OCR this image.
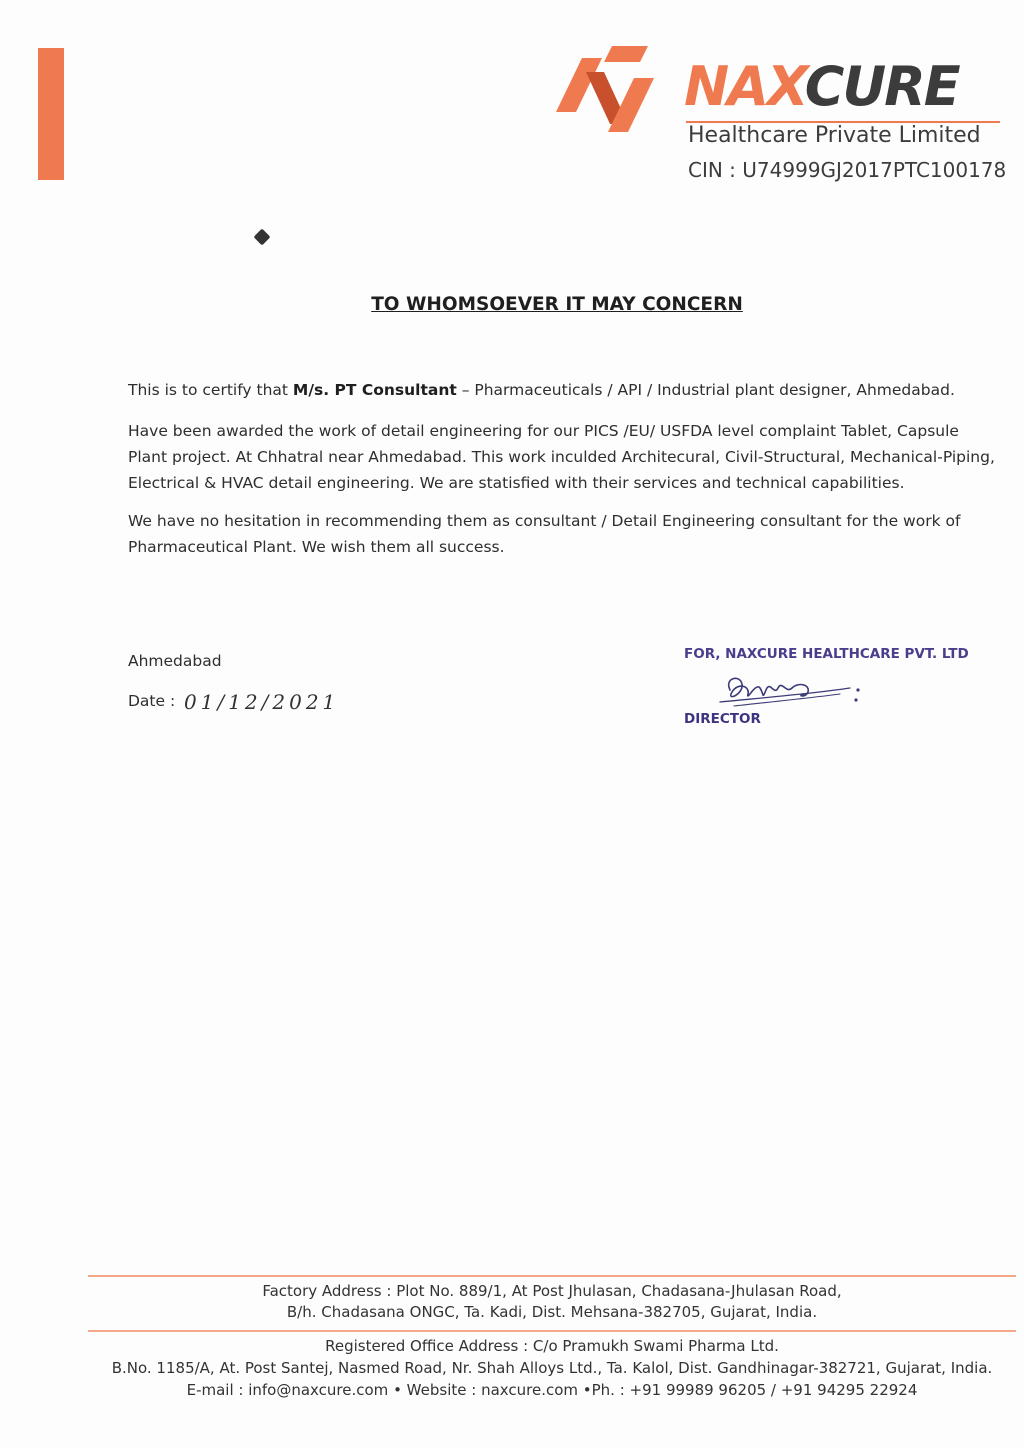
NAXCURE
Healthcare Private Limited
CIN : U74999GJ2017PTC100178
TO WHOMSOEVER IT MAY CONCERN
This is to certify that M/s. PT Consultant – Pharmaceuticals / API / Industrial plant designer, Ahmedabad.
Have been awarded the work of detail engineering for our PICS /EU/ USFDA level complaint Tablet, Capsule Plant project. At Chhatral near Ahmedabad. This work inculded Architecural, Civil-Structural, Mechanical-Piping, Electrical & HVAC detail engineering. We are statisfied with their services and technical capabilities.
We have no hesitation in recommending them as consultant / Detail Engineering consultant for the work of Pharmaceutical Plant. We wish them all success.
Ahmedabad
Date : 01/12/2021
FOR, NAXCURE HEALTHCARE PVT. LTD
DIRECTOR
Factory Address : Plot No. 889/1, At Post Jhulasan, Chadasana-Jhulasan Road,
B/h. Chadasana ONGC, Ta. Kadi, Dist. Mehsana-382705, Gujarat, India.
Registered Office Address : C/o Pramukh Swami Pharma Ltd.
B.No. 1185/A, At. Post Santej, Nasmed Road, Nr. Shah Alloys Ltd., Ta. Kalol, Dist. Gandhinagar-382721, Gujarat, India.
E-mail : info@naxcure.com • Website : naxcure.com •Ph. : +91 99989 96205 / +91 94295 22924
